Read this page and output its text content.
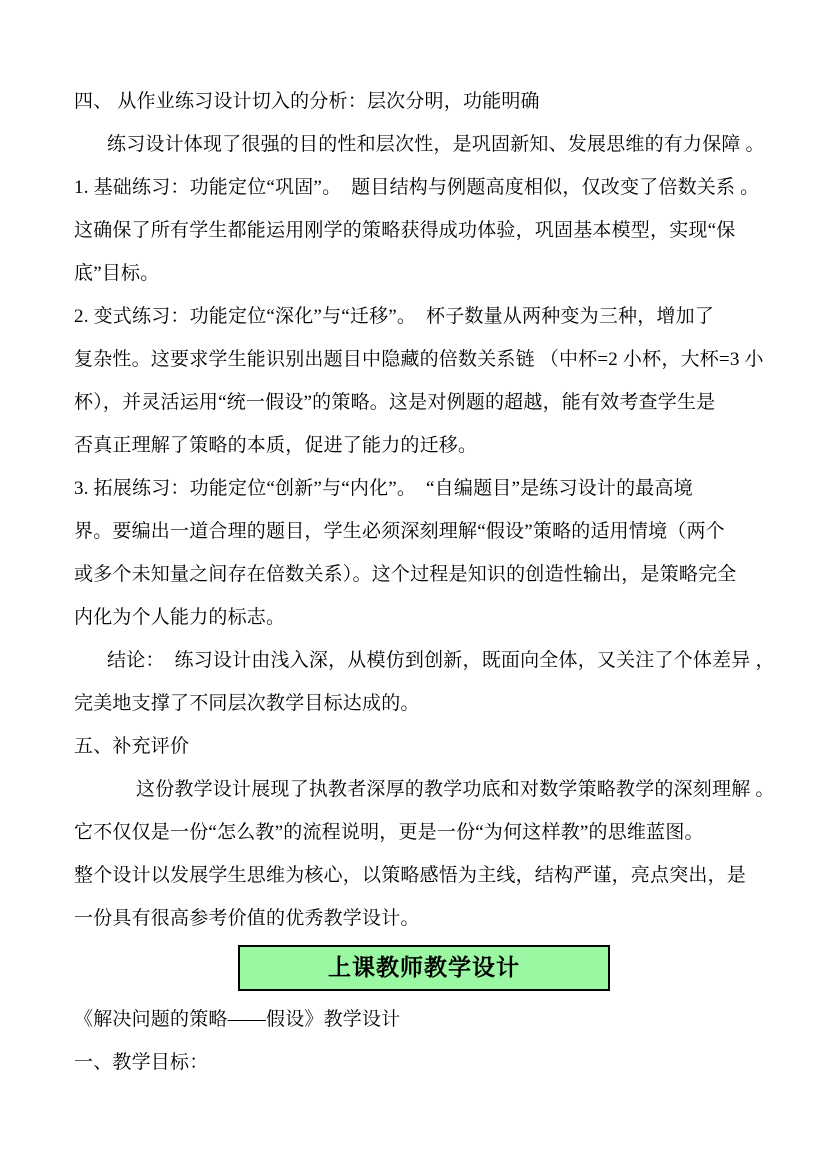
四、 从作业练习设计切入的分析：层次分明，功能明确
练习设计体现了很强的目的性和层次性，是巩固新知、发展思维的有力保障 。
1. 基础练习：功能定位“巩固”。  题目结构与例题高度相似，仅改变了倍数关系 。
这确保了所有学生都能运用刚学的策略获得成功体验，巩固基本模型，实现“保
底”目标。
2. 变式练习：功能定位“深化”与“迁移”。  杯子数量从两种变为三种，增加了
复杂性。这要求学生能识别出题目中隐藏的倍数关系链 （中杯=2 小杯，大杯=3 小
杯），并灵活运用“统一假设”的策略。这是对例题的超越，能有效考查学生是
否真正理解了策略的本质，促进了能力的迁移。
3. 拓展练习：功能定位“创新”与“内化”。  “自编题目”是练习设计的最高境
界。要编出一道合理的题目，学生必须深刻理解“假设”策略的适用情境（两个
或多个未知量之间存在倍数关系）。这个过程是知识的创造性输出，是策略完全
内化为个人能力的标志。
结论：  练习设计由浅入深，从模仿到创新，既面向全体，又关注了个体差异 ，
完美地支撑了不同层次教学目标达成的。
五、补充评价
这份教学设计展现了执教者深厚的教学功底和对数学策略教学的深刻理解 。
它不仅仅是一份“怎么教”的流程说明，更是一份“为何这样教”的思维蓝图。
整个设计以发展学生思维为核心，以策略感悟为主线，结构严谨，亮点突出，是
一份具有很高参考价值的优秀教学设计。
上课教师教学设计
《解决问题的策略——假设》教学设计
一、教学目标：
